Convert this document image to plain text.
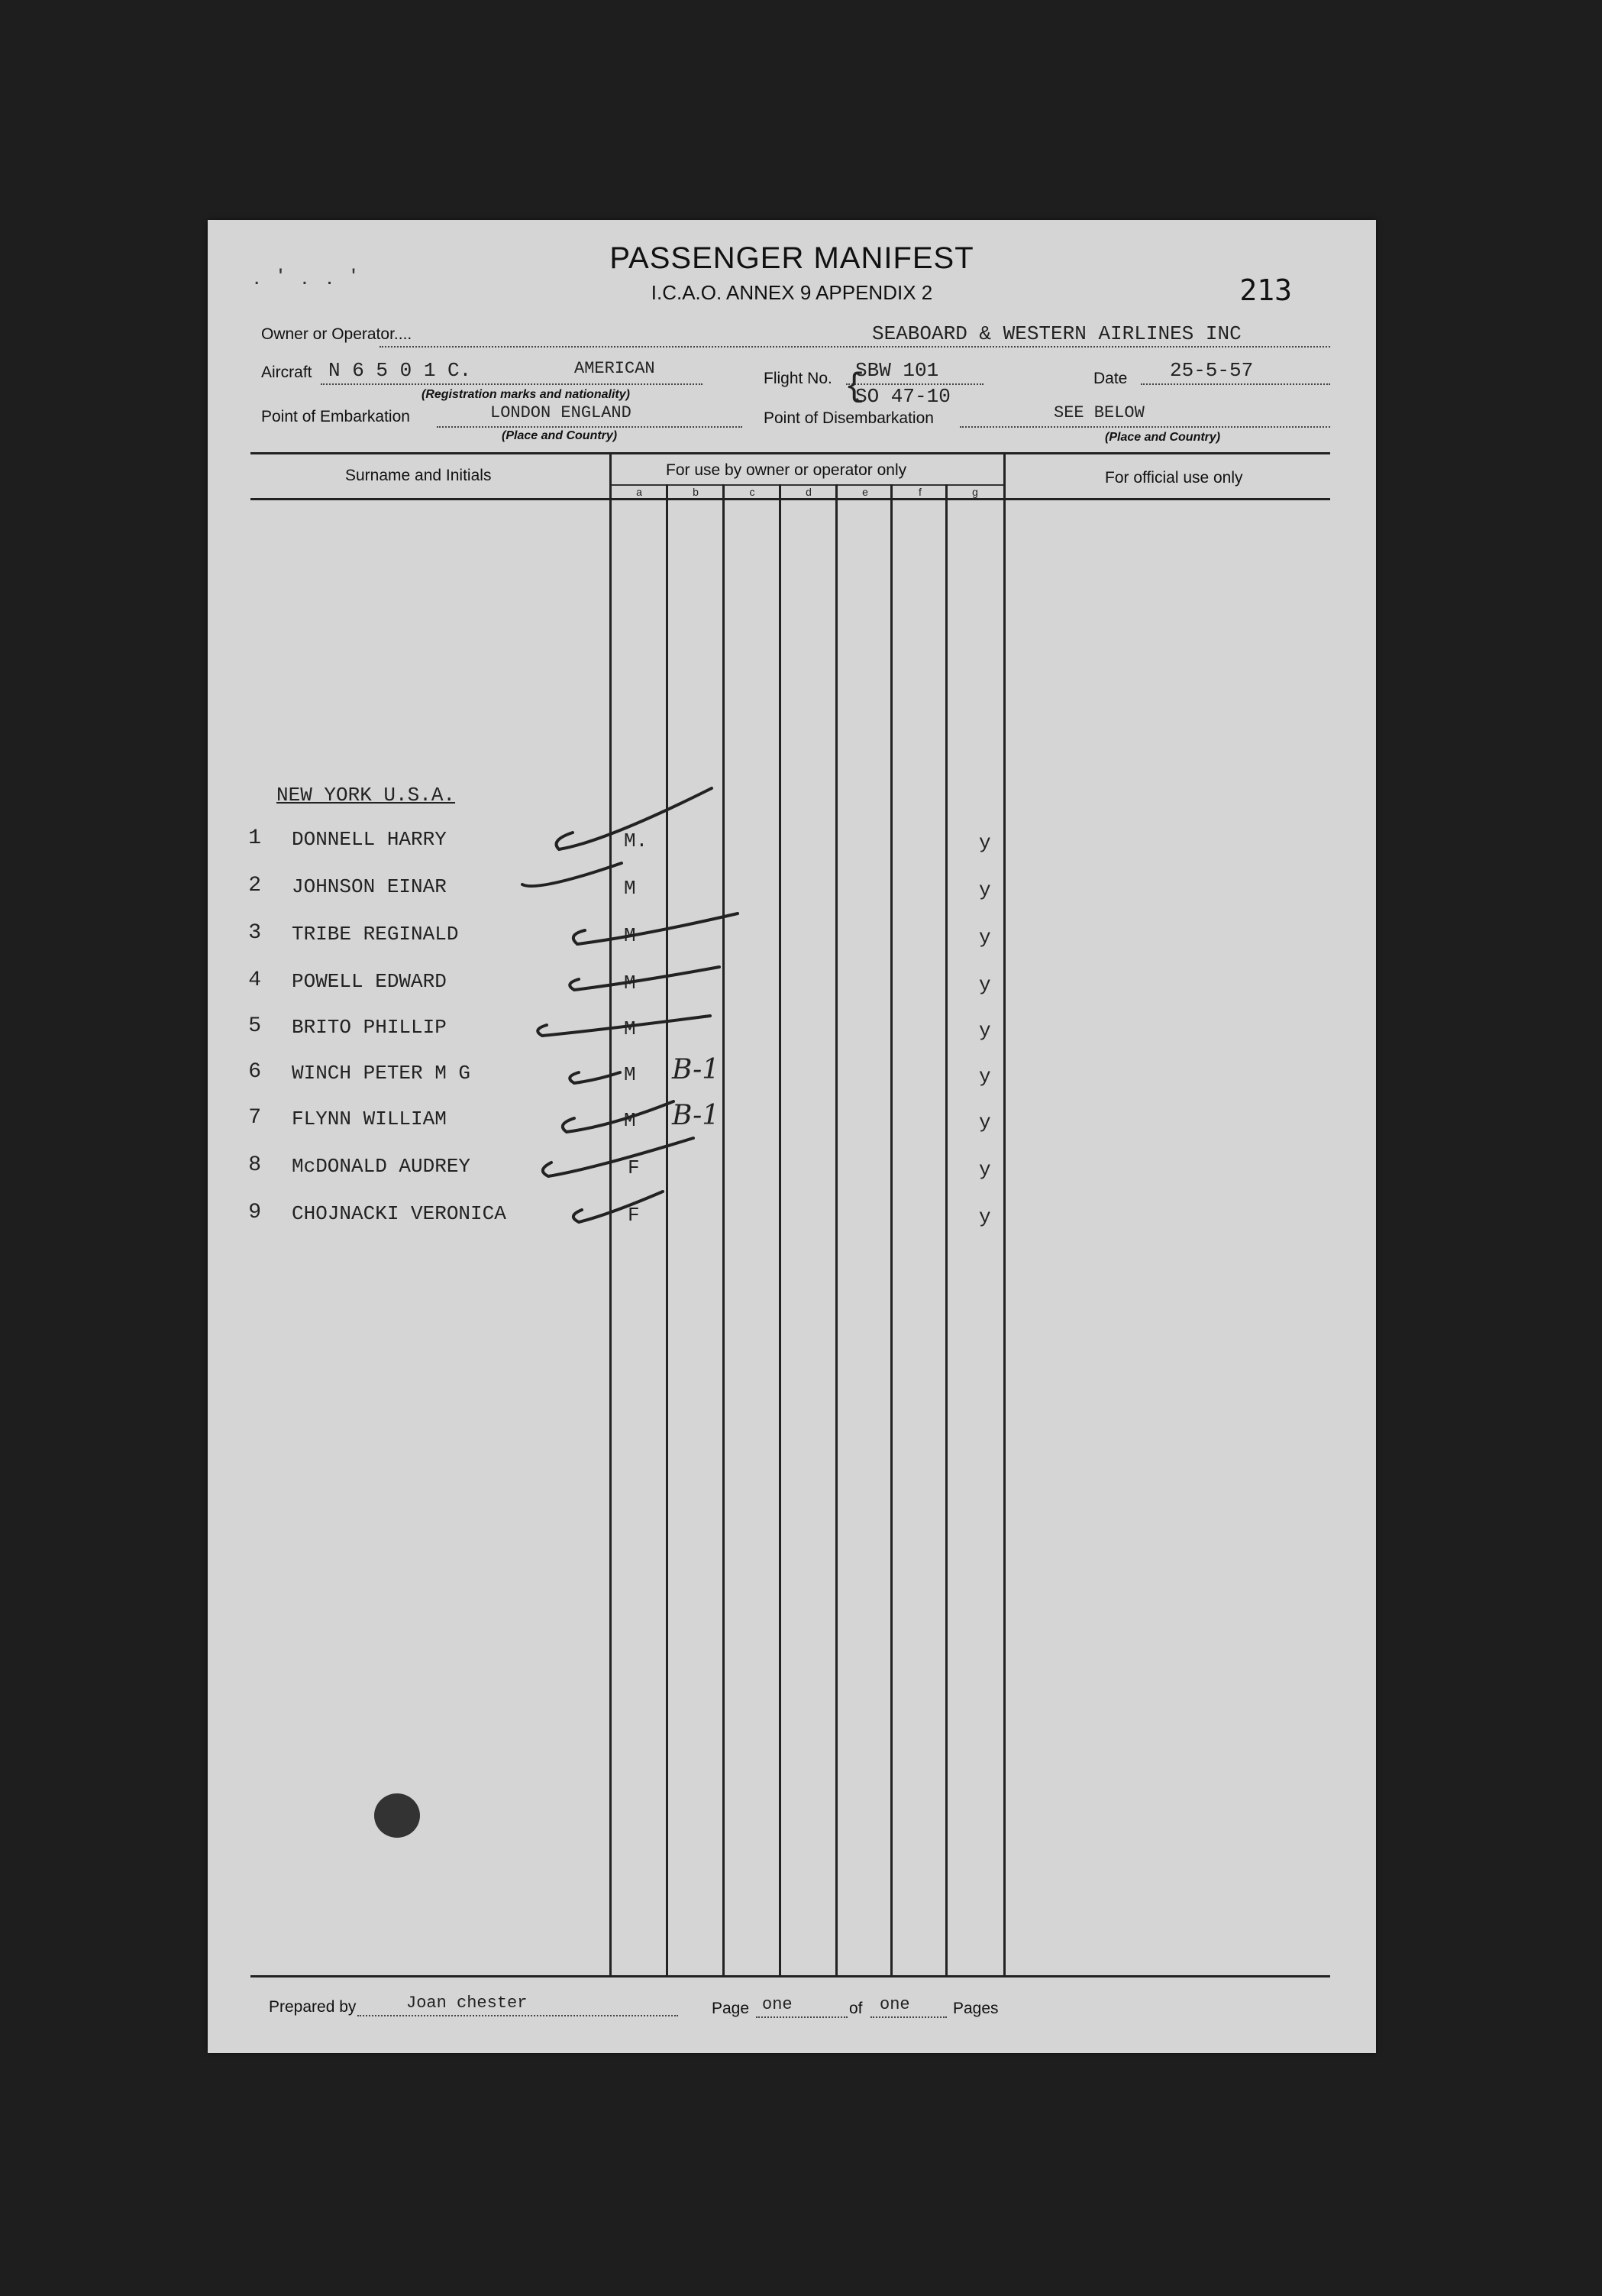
. ' . . '
PASSENGER MANIFEST
I.C.A.O. ANNEX 9 APPENDIX 2	213
Owner or Operator....	SEABOARD & WESTERN AIRLINES INC
Aircraft N 6 5 0 1 C.	AMERICAN
(Registration marks and nationality)
Flight No. SBW 101
SO 47-10
{	Date 25-5-57
Point of Embarkation	LONDON ENGLAND
(Place and Country)
Point of Disembarkation	SEE BELOW
(Place and Country)
Surname and Initials	For use by owner or operator only	For official use only
a	b	c	d	e	f	g
NEW YORK U.S.A.
1 DONNELL HARRY	M.	y
2 JOHNSON EINAR	M	y
3 TRIBE REGINALD	M	y
4 POWELL EDWARD	M	y
5 BRITO PHILLIP	M	y
6 WINCH PETER M G	M B-1	y
7 FLYNN WILLIAM	M B-1	y
8 McDONALD AUDREY	F	y
9 CHOJNACKI VERONICA	F	y
Prepared by	Joan chester	Page one	of one	Pages
